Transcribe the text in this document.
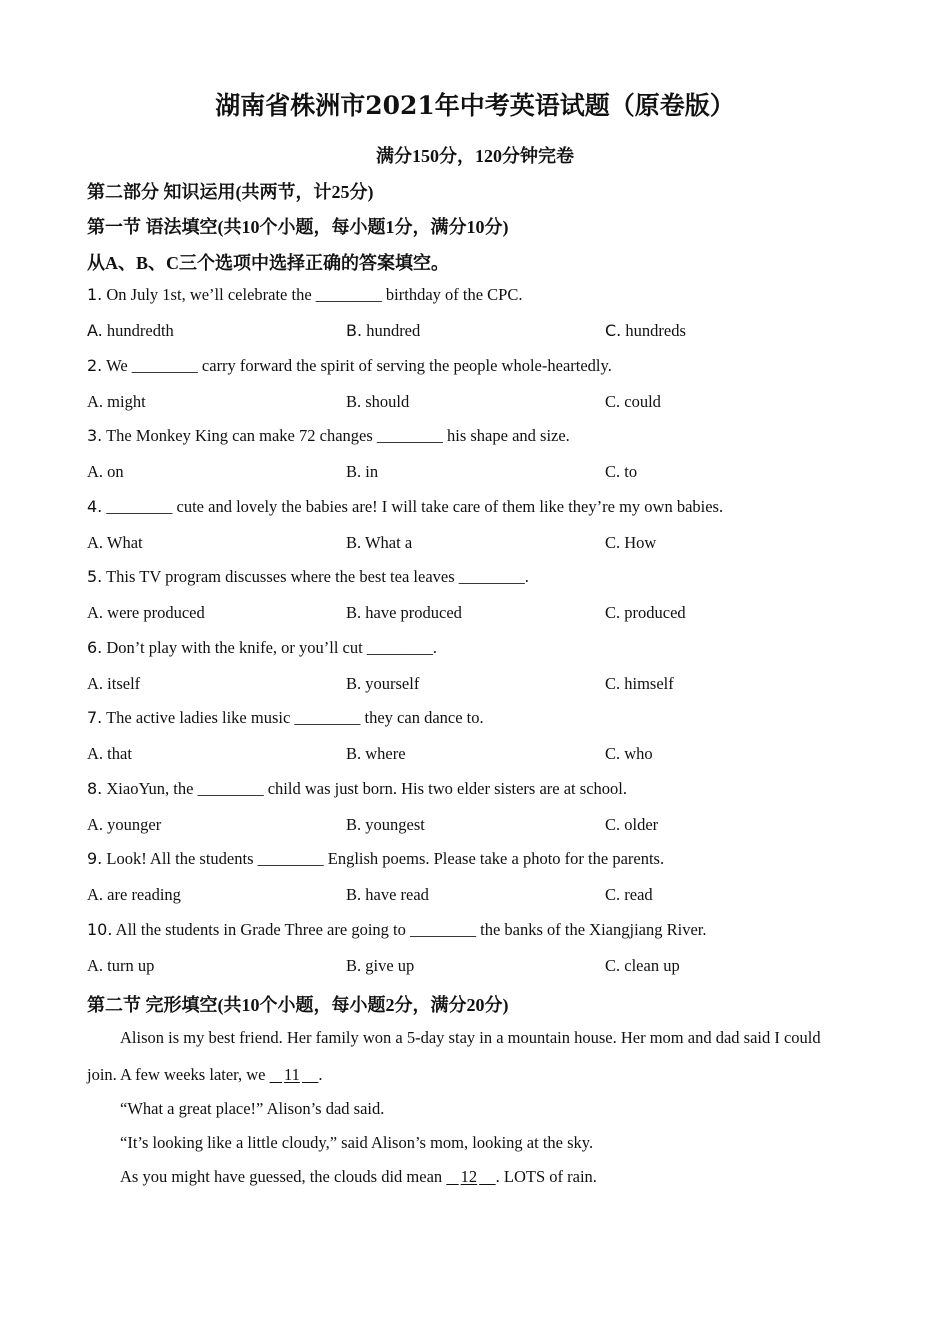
湖南省株洲市2021年中考英语试题（原卷版）
满分150分，120分钟完卷
第二部分 知识运用(共两节，计25分)
第一节 语法填空(共10个小题，每小题1分，满分10分)
从A、B、C三个选项中选择正确的答案填空。
1. On July 1st, we’ll celebrate the ________ birthday of the CPC.
A. hundredth	B. hundred	C. hundreds
2. We ________ carry forward the spirit of serving the people whole-heartedly.
A. might	B. should	C. could
3. The Monkey King can make 72 changes ________ his shape and size.
A. on	B. in	C. to
4. ________ cute and lovely the babies are! I will take care of them like they’re my own babies.
A. What	B. What a	C. How
5. This TV program discusses where the best tea leaves ________.
A. were produced	B. have produced	C. produced
6. Don’t play with the knife, or you’ll cut ________.
A. itself	B. yourself	C. himself
7. The active ladies like music ________ they can dance to.
A. that	B. where	C. who
8. XiaoYun, the ________ child was just born. His two elder sisters are at school.
A. younger	B. youngest	C. older
9. Look! All the students ________ English poems. Please take a photo for the parents.
A. are reading	B. have read	C. read
10. All the students in Grade Three are going to ________ the banks of the Xiangjiang River.
A. turn up	B. give up	C. clean up
第二节 完形填空(共10个小题，每小题2分，满分20分)
Alison is my best friend. Her family won a 5-day stay in a mountain house. Her mom and dad said I could
join. A few weeks later, we    11 .
“What a great place!” Alison’s dad said.
“It’s looking like a little cloudy,” said Alison’s mom, looking at the sky.
As you might have guessed, the clouds did mean    12 . LOTS of rain.
